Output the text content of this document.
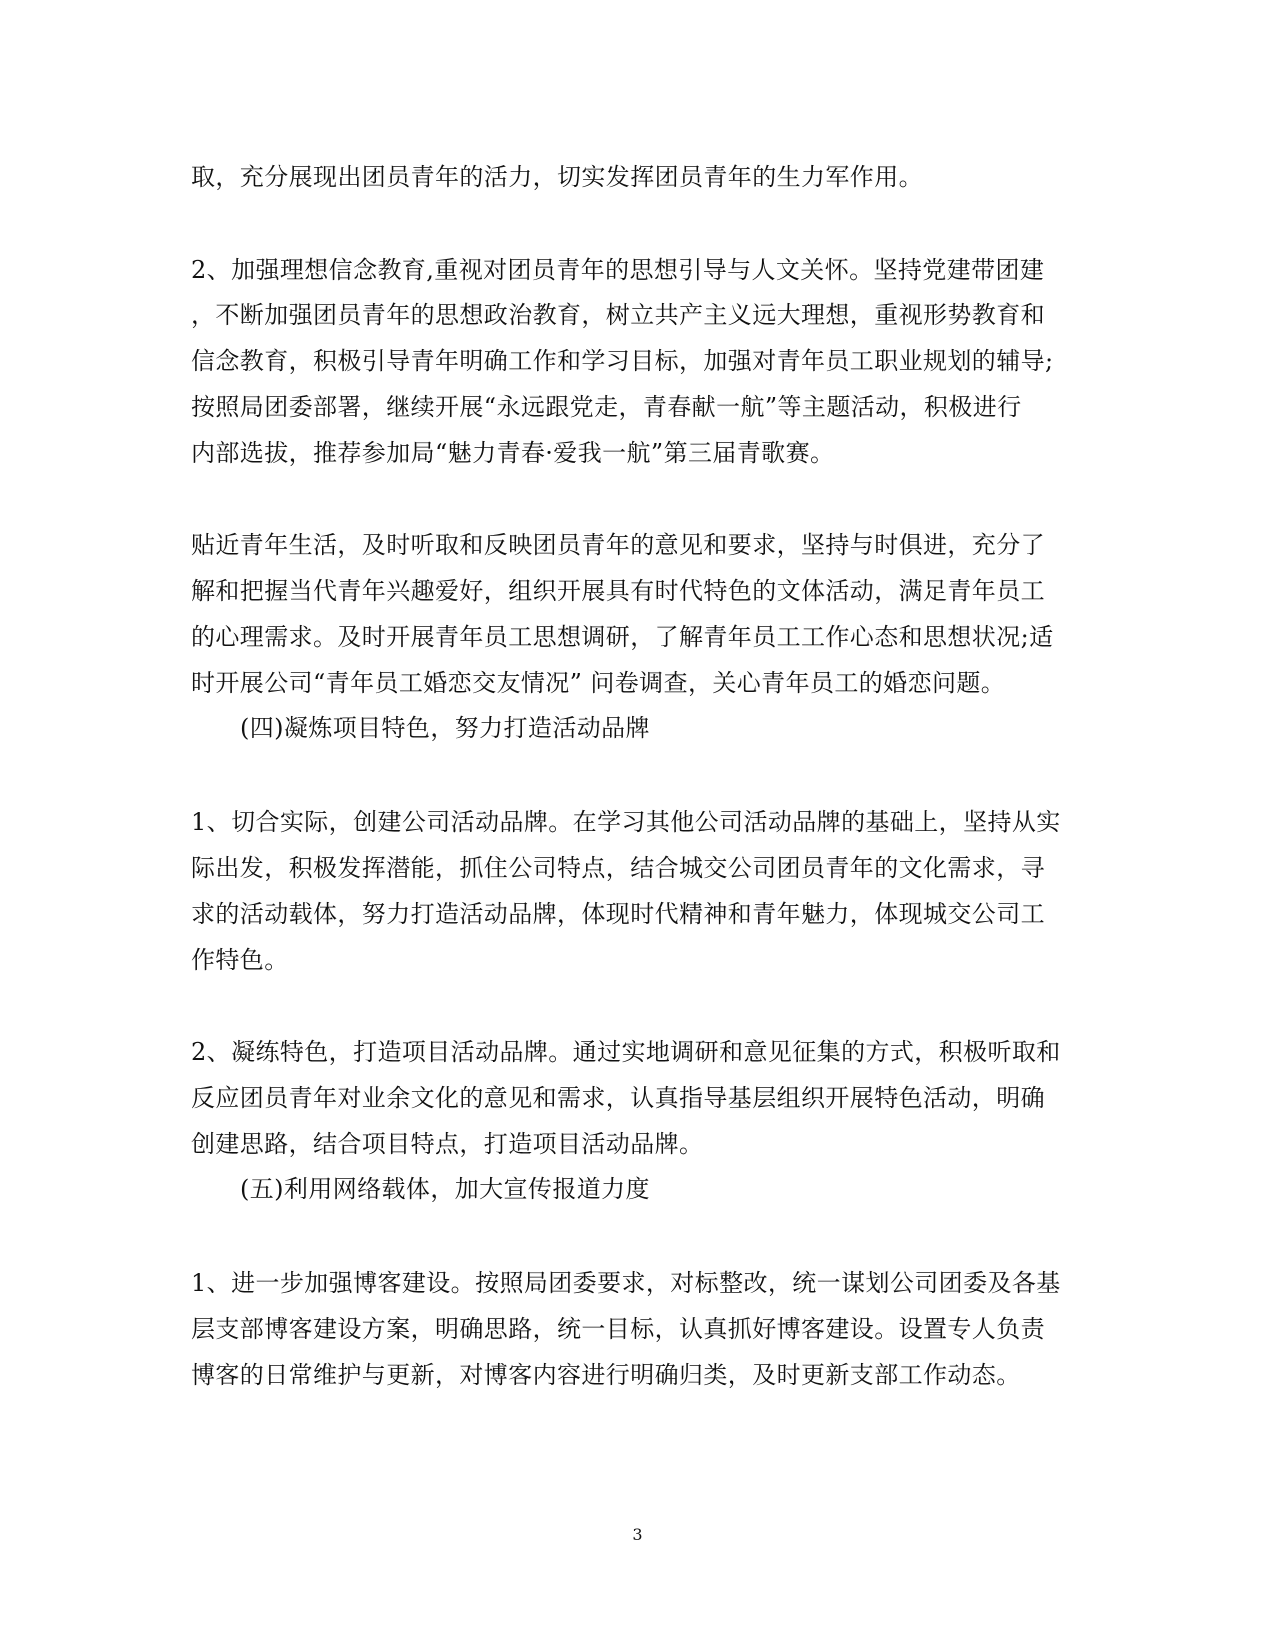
取，充分展现出团员青年的活力，切实发挥团员青年的生力军作用。
2、加强理想信念教育,重视对团员青年的思想引导与人文关怀。坚持党建带团建
，不断加强团员青年的思想政治教育，树立共产主义远大理想，重视形势教育和
信念教育，积极引导青年明确工作和学习目标，加强对青年员工职业规划的辅导;
按照局团委部署，继续开展“永远跟党走，青春献一航”等主题活动，积极进行
内部选拔，推荐参加局“魅力青春·爱我一航”第三届青歌赛。
贴近青年生活，及时听取和反映团员青年的意见和要求，坚持与时俱进，充分了
解和把握当代青年兴趣爱好，组织开展具有时代特色的文体活动，满足青年员工
的心理需求。及时开展青年员工思想调研，了解青年员工工作心态和思想状况;适
时开展公司“青年员工婚恋交友情况” 问卷调查，关心青年员工的婚恋问题。
(四)凝炼项目特色，努力打造活动品牌
1、切合实际，创建公司活动品牌。在学习其他公司活动品牌的基础上，坚持从实
际出发，积极发挥潜能，抓住公司特点，结合城交公司团员青年的文化需求，寻
求的活动载体，努力打造活动品牌，体现时代精神和青年魅力，体现城交公司工
作特色。
2、凝练特色，打造项目活动品牌。通过实地调研和意见征集的方式，积极听取和
反应团员青年对业余文化的意见和需求，认真指导基层组织开展特色活动，明确
创建思路，结合项目特点，打造项目活动品牌。
(五)利用网络载体，加大宣传报道力度
1、进一步加强博客建设。按照局团委要求，对标整改，统一谋划公司团委及各基
层支部博客建设方案，明确思路，统一目标，认真抓好博客建设。设置专人负责
博客的日常维护与更新，对博客内容进行明确归类，及时更新支部工作动态。
3
